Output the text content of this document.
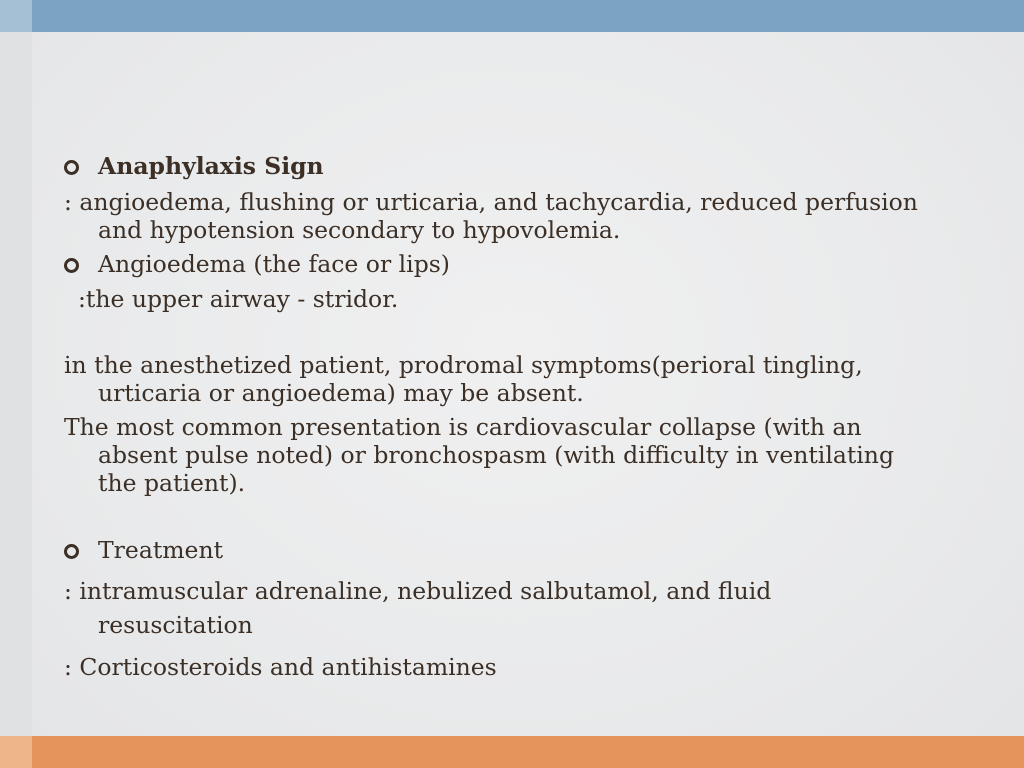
Anaphylaxis Sign
: angioedema, flushing or urticaria, and tachycardia, reduced perfusion
and hypotension secondary to hypovolemia.
Angioedema (the face or lips)
:the upper airway - stridor.
in the anesthetized patient, prodromal symptoms(perioral tingling,
urticaria or angioedema) may be absent.
The most common presentation is cardiovascular collapse (with an
absent pulse noted) or bronchospasm (with difficulty in ventilating
the patient).
Treatment
: intramuscular adrenaline, nebulized salbutamol, and fluid
resuscitation
: Corticosteroids and antihistamines
